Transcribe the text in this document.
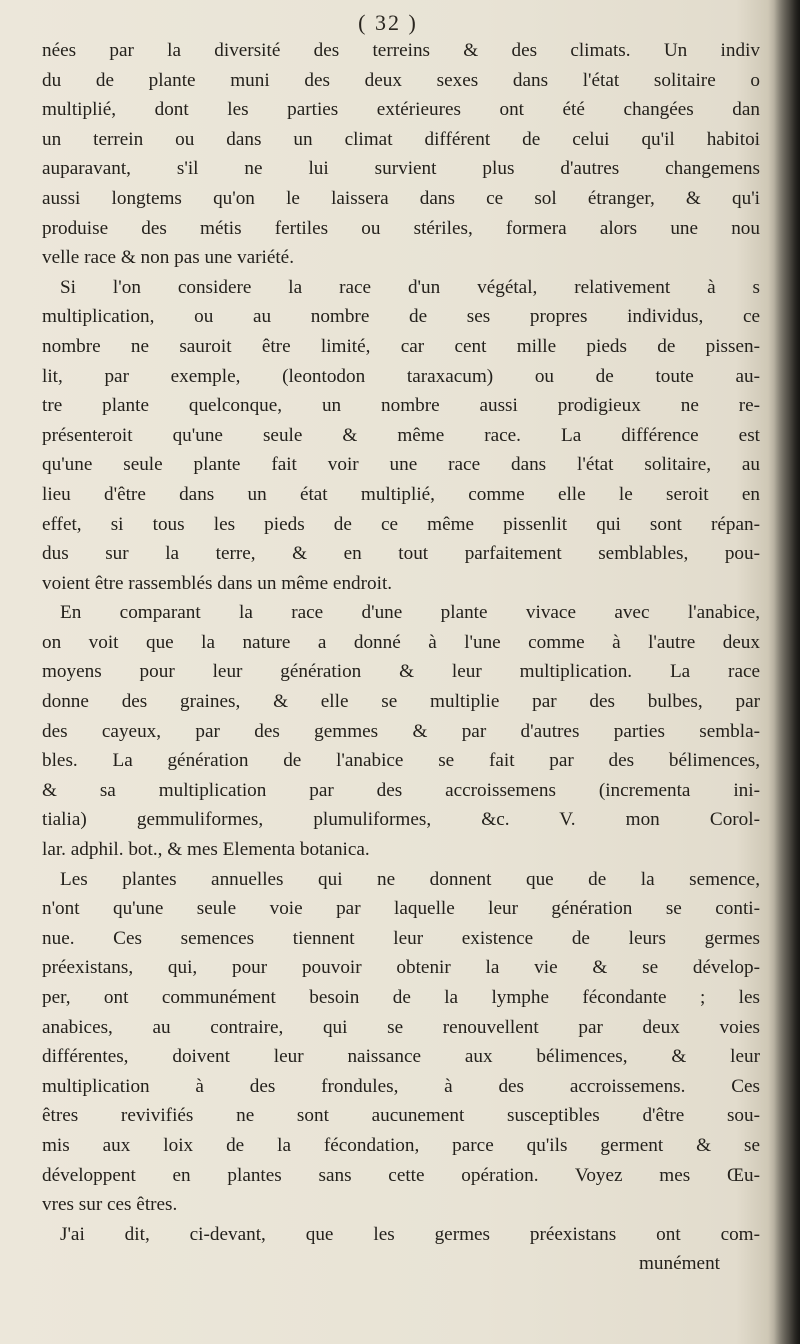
( 32 )
nées par la diversité des terreins & des climats. Un indiv
du de plante muni des deux sexes dans l'état solitaire o
multiplié, dont les parties extérieures ont été changées dan
un terrein ou dans un climat différent de celui qu'il habitoi
auparavant, s'il ne lui survient plus d'autres changemens
aussi longtems qu'on le laissera dans ce sol étranger, & qu'i
produise des métis fertiles ou stériles, formera alors une nou
velle race & non pas une variété.
Si l'on considere la race d'un végétal, relativement à s
multiplication, ou au nombre de ses propres individus, ce
nombre ne sauroit être limité, car cent mille pieds de pissen-
lit, par exemple, (leontodon taraxacum) ou de toute au-
tre plante quelconque, un nombre aussi prodigieux ne re-
présenteroit qu'une seule & même race. La différence est
qu'une seule plante fait voir une race dans l'état solitaire, au
lieu d'être dans un état multiplié, comme elle le seroit en
effet, si tous les pieds de ce même pissenlit qui sont répan-
dus sur la terre, & en tout parfaitement semblables, pou-
voient être rassemblés dans un même endroit.
En comparant la race d'une plante vivace avec l'anabice,
on voit que la nature a donné à l'une comme à l'autre deux
moyens pour leur génération & leur multiplication. La race
donne des graines, & elle se multiplie par des bulbes, par
des cayeux, par des gemmes & par d'autres parties sembla-
bles. La génération de l'anabice se fait par des bélimences,
& sa multiplication par des accroissemens (incrementa ini-
tialia) gemmuliformes, plumuliformes, &c. V. mon Corol-
lar. adphil. bot., & mes Elementa botanica.
Les plantes annuelles qui ne donnent que de la semence,
n'ont qu'une seule voie par laquelle leur génération se conti-
nue. Ces semences tiennent leur existence de leurs germes
préexistans, qui, pour pouvoir obtenir la vie & se dévelop-
per, ont communément besoin de la lymphe fécondante ; les
anabices, au contraire, qui se renouvellent par deux voies
différentes, doivent leur naissance aux bélimences, & leur
multiplication à des frondules, à des accroissemens. Ces
êtres revivifiés ne sont aucunement susceptibles d'être sou-
mis aux loix de la fécondation, parce qu'ils germent & se
développent en plantes sans cette opération. Voyez mes Œu-
vres sur ces êtres.
J'ai dit, ci-devant, que les germes préexistans ont com-
munément
